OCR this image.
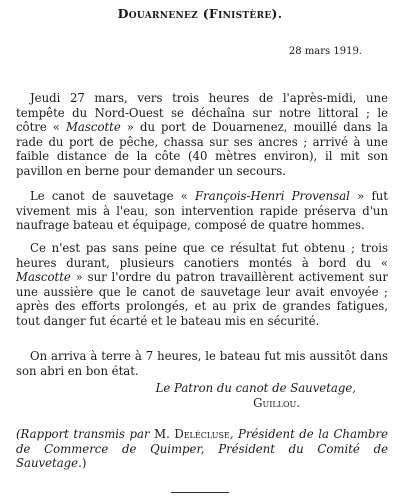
Douarnenez (Finistère).
28 mars 1919.

Jeudi 27 mars, vers trois heures de l'après-midi, une tempête du Nord-Ouest se déchaîna sur notre littoral ; le côtre « Mascotte » du port de Douarnenez, mouillé dans la rade du port de pêche, chassa sur ses ancres ; arrivé à une faible distance de la côte (40 mètres environ), il mit son pavillon en berne pour demander un secours.

Le canot de sauvetage « François-Henri Provensal » fut vivement mis à l'eau, son intervention rapide préserva d'un naufrage bateau et équipage, composé de quatre hommes.

Ce n'est pas sans peine que ce résultat fut obtenu ; trois heures durant, plusieurs canotiers montés à bord du « Mascotte » sur l'ordre du patron travaillèrent activement sur une aussière que le canot de sauvetage leur avait envoyée ; après des efforts prolongés, et au prix de grandes fatigues, tout danger fut écarté et le bateau mis en sécurité.

On arriva à terre à 7 heures, le bateau fut mis aussitôt dans son abri en bon état.

Le Patron du canot de Sauvetage,
Guillou.
(Rapport transmis par M. Delécluse, Président de la Chambre de Commerce de Quimper, Président du Comité de Sauvetage.)
